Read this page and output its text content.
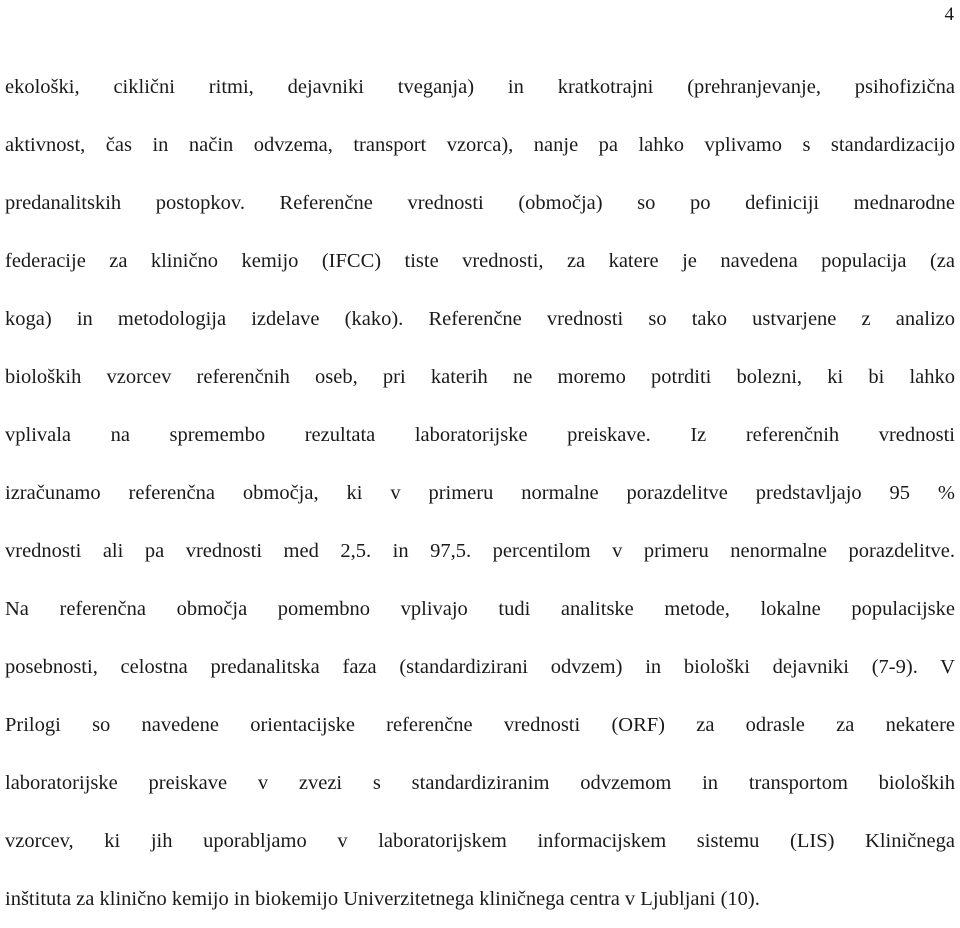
4
ekološki, ciklični ritmi, dejavniki tveganja) in kratkotrajni (prehranjevanje, psihofizična
aktivnost, čas in način odvzema, transport vzorca), nanje pa lahko vplivamo s standardizacijo
predanalitskih postopkov. Referenčne vrednosti (območja) so po definiciji mednarodne
federacije za klinično kemijo (IFCC) tiste vrednosti, za katere je navedena populacija (za
koga) in metodologija izdelave (kako). Referenčne vrednosti so tako ustvarjene z analizo
bioloških vzorcev referenčnih oseb, pri katerih ne moremo potrditi bolezni, ki bi lahko
vplivala na spremembo rezultata laboratorijske preiskave. Iz referenčnih vrednosti
izračunamo referenčna območja, ki v primeru normalne porazdelitve predstavljajo 95 %
vrednosti ali pa vrednosti med 2,5. in 97,5. percentilom v primeru nenormalne porazdelitve.
Na referenčna območja pomembno vplivajo tudi analitske metode, lokalne populacijske
posebnosti, celostna predanalitska faza (standardizirani odvzem) in biološki dejavniki (7-9). V
Prilogi so navedene orientacijske referenčne vrednosti (ORF) za odrasle za nekatere
laboratorijske preiskave v zvezi s standardiziranim odvzemom in transportom bioloških
vzorcev, ki jih uporabljamo v laboratorijskem informacijskem sistemu (LIS) Kliničnega
inštituta za klinično kemijo in biokemijo Univerzitetnega kliničnega centra v Ljubljani (10).
